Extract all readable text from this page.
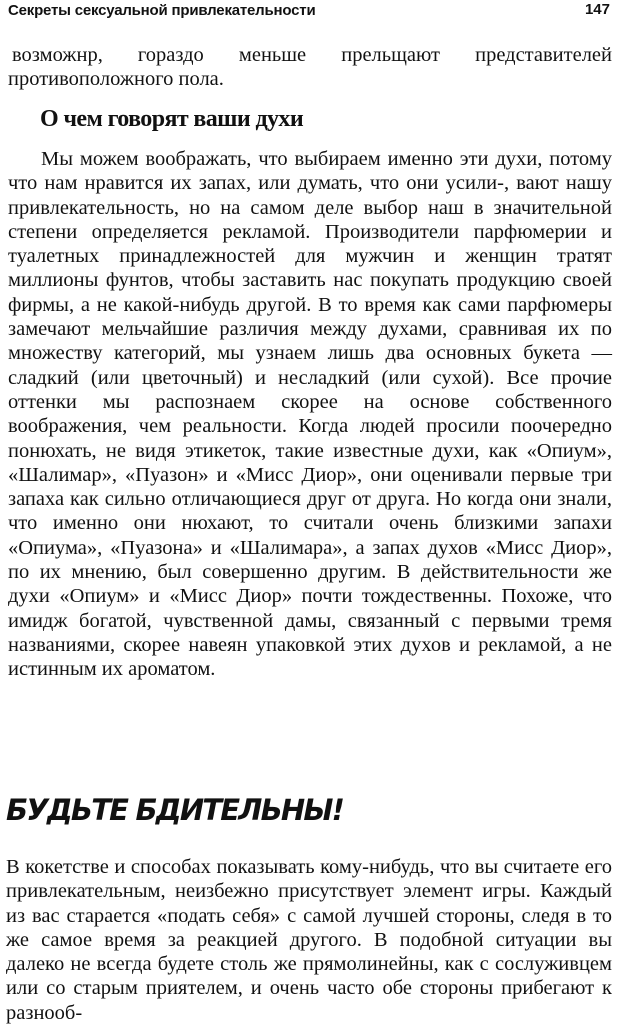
Секреты сексуальной привлекательности	147

возможнр, гораздо меньше прельщают представителей противоположного пола.

О чем говорят ваши духи

Мы можем воображать, что выбираем именно эти духи, потому что нам нравится их запах, или думать, что они усили-, вают нашу привлекательность, но на самом деле выбор наш в значительной степени определяется рекламой. Производители парфюмерии и туалетных принадлежностей для мужчин и женщин тратят миллионы фунтов, чтобы заставить нас покупать продукцию своей фирмы, а не какой-нибудь другой. В то время как сами парфюмеры замечают мельчайшие различия между духами, сравнивая их по множеству категорий, мы узнаем лишь два основных букета — сладкий (или цветочный) и несладкий (или сухой). Все прочие оттенки мы распознаем скорее на основе собственного воображения, чем реальности. Когда людей просили поочередно понюхать, не видя этикеток, такие известные духи, как «Опиум», «Шалимар», «Пуазон» и «Мисс Диор», они оценивали первые три запаха как сильно отличающиеся друг от друга. Но когда они знали, что именно они нюхают, то считали очень близкими запахи «Опиума», «Пуазона» и «Шалимара», а запах духов «Мисс Диор», по их мнению, был совершенно другим. В действительности же духи «Опиум» и «Мисс Диор» почти тождественны. Похоже, что имидж богатой, чувственной дамы, связанный с первыми тремя названиями, скорее навеян упаковкой этих духов и рекламой, а не истинным их ароматом.

БУДЬТЕ БДИТЕЛЬНЫ!

В кокетстве и способах показывать кому-нибудь, что вы считаете его привлекательным, неизбежно присутствует элемент игры. Каждый из вас старается «подать себя» с самой лучшей стороны, следя в то же самое время за реакцией другого. В подобной ситуации вы далеко не всегда будете столь же прямолинейны, как с сослуживцем или со старым приятелем, и очень часто обе стороны прибегают к разнооб-
